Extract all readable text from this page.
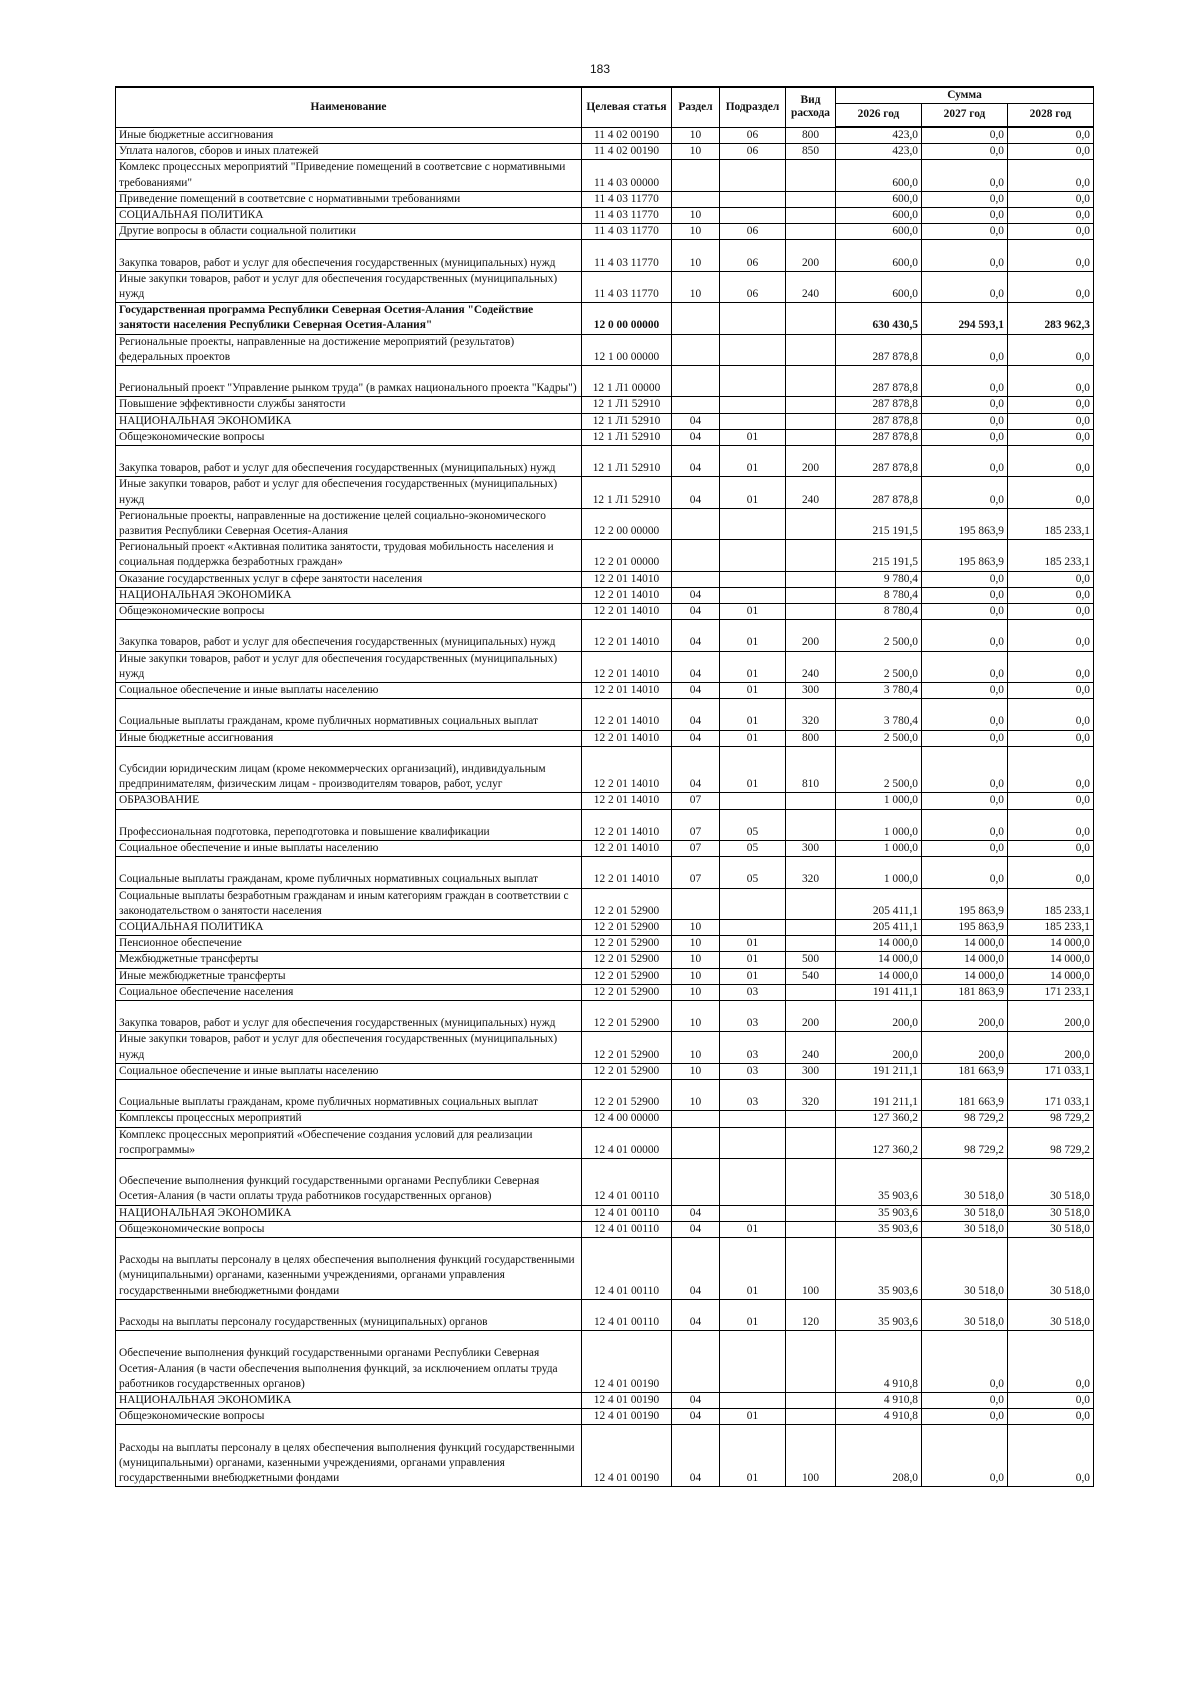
183
Наименование	Целевая статья	Раздел	Подраздел	Вид расхода	Сумма		
					2026 год	2027 год	2028 год
Иные бюджетные ассигнования	11 4 02 00190	10	06	800	423,0	0,0	0,0
Уплата налогов, сборов и иных платежей	11 4 02 00190	10	06	850	423,0	0,0	0,0
Комлекс процессных мероприятий "Приведение помещений в соответсвие с нормативными требованиями"	11 4 03 00000				600,0	0,0	0,0
Приведение помещений в соответсвие с нормативными требованиями	11 4 03 11770				600,0	0,0	0,0
СОЦИАЛЬНАЯ ПОЛИТИКА	11 4 03 11770	10			600,0	0,0	0,0
Другие вопросы в области социальной политики	11 4 03 11770	10	06		600,0	0,0	0,0
Закупка товаров, работ и услуг для обеспечения государственных (муниципальных) нужд	11 4 03 11770	10	06	200	600,0	0,0	0,0
Иные закупки товаров, работ и услуг для обеспечения государственных (муниципальных) нужд	11 4 03 11770	10	06	240	600,0	0,0	0,0
Государственная программа Республики Северная Осетия-Алания "Содействие занятости населения Республики Северная Осетия-Алания"	12 0 00 00000				630 430,5	294 593,1	283 962,3
Региональные проекты, направленные на достижение мероприятий (результатов) федеральных проектов	12 1 00 00000				287 878,8	0,0	0,0
Региональный проект "Управление рынком труда" (в рамках национального проекта "Кадры")	12 1 Л1 00000				287 878,8	0,0	0,0
Повышение эффективности службы занятости	12 1 Л1 52910				287 878,8	0,0	0,0
НАЦИОНАЛЬНАЯ ЭКОНОМИКА	12 1 Л1 52910	04			287 878,8	0,0	0,0
Общеэкономические вопросы	12 1 Л1 52910	04	01		287 878,8	0,0	0,0
Закупка товаров, работ и услуг для обеспечения государственных (муниципальных) нужд	12 1 Л1 52910	04	01	200	287 878,8	0,0	0,0
Иные закупки товаров, работ и услуг для обеспечения государственных (муниципальных) нужд	12 1 Л1 52910	04	01	240	287 878,8	0,0	0,0
Региональные проекты, направленные на достижение целей социально-экономического развития Республики Северная Осетия-Алания	12 2 00 00000				215 191,5	195 863,9	185 233,1
Региональный проект «Активная политика занятости, трудовая мобильность населения и социальная поддержка безработных граждан»	12 2 01 00000				215 191,5	195 863,9	185 233,1
Оказание государственных услуг в сфере занятости населения	12 2 01 14010				9 780,4	0,0	0,0
НАЦИОНАЛЬНАЯ ЭКОНОМИКА	12 2 01 14010	04			8 780,4	0,0	0,0
Общеэкономические вопросы	12 2 01 14010	04	01		8 780,4	0,0	0,0
Закупка товаров, работ и услуг для обеспечения государственных (муниципальных) нужд	12 2 01 14010	04	01	200	2 500,0	0,0	0,0
Иные закупки товаров, работ и услуг для обеспечения государственных (муниципальных) нужд	12 2 01 14010	04	01	240	2 500,0	0,0	0,0
Социальное обеспечение и иные выплаты населению	12 2 01 14010	04	01	300	3 780,4	0,0	0,0
Социальные выплаты гражданам, кроме публичных нормативных социальных выплат	12 2 01 14010	04	01	320	3 780,4	0,0	0,0
Иные бюджетные ассигнования	12 2 01 14010	04	01	800	2 500,0	0,0	0,0
Субсидии юридическим лицам (кроме некоммерческих организаций), индивидуальным предпринимателям, физическим лицам - производителям товаров, работ, услуг	12 2 01 14010	04	01	810	2 500,0	0,0	0,0
ОБРАЗОВАНИЕ	12 2 01 14010	07			1 000,0	0,0	0,0
Профессиональная подготовка, переподготовка и повышение квалификации	12 2 01 14010	07	05		1 000,0	0,0	0,0
Социальное обеспечение и иные выплаты населению	12 2 01 14010	07	05	300	1 000,0	0,0	0,0
Социальные выплаты гражданам, кроме публичных нормативных социальных выплат	12 2 01 14010	07	05	320	1 000,0	0,0	0,0
Социальные выплаты безработным гражданам и иным категориям граждан в соответствии с законодательством о занятости населения	12 2 01 52900				205 411,1	195 863,9	185 233,1
СОЦИАЛЬНАЯ ПОЛИТИКА	12 2 01 52900	10			205 411,1	195 863,9	185 233,1
Пенсионное обеспечение	12 2 01 52900	10	01		14 000,0	14 000,0	14 000,0
Межбюджетные трансферты	12 2 01 52900	10	01	500	14 000,0	14 000,0	14 000,0
Иные межбюджетные трансферты	12 2 01 52900	10	01	540	14 000,0	14 000,0	14 000,0
Социальное обеспечение населения	12 2 01 52900	10	03		191 411,1	181 863,9	171 233,1
Закупка товаров, работ и услуг для обеспечения государственных (муниципальных) нужд	12 2 01 52900	10	03	200	200,0	200,0	200,0
Иные закупки товаров, работ и услуг для обеспечения государственных (муниципальных) нужд	12 2 01 52900	10	03	240	200,0	200,0	200,0
Социальное обеспечение и иные выплаты населению	12 2 01 52900	10	03	300	191 211,1	181 663,9	171 033,1
Социальные выплаты гражданам, кроме публичных нормативных социальных выплат	12 2 01 52900	10	03	320	191 211,1	181 663,9	171 033,1
Комплексы процессных мероприятий	12 4 00 00000				127 360,2	98 729,2	98 729,2
Комплекс процессных мероприятий «Обеспечение создания условий для реализации госпрограммы»	12 4 01 00000				127 360,2	98 729,2	98 729,2
Обеспечение выполнения функций государственными органами Республики Северная Осетия-Алания (в части оплаты труда работников государственных органов)	12 4 01 00110				35 903,6	30 518,0	30 518,0
НАЦИОНАЛЬНАЯ ЭКОНОМИКА	12 4 01 00110	04			35 903,6	30 518,0	30 518,0
Общеэкономические вопросы	12 4 01 00110	04	01		35 903,6	30 518,0	30 518,0
Расходы на выплаты персоналу в целях обеспечения выполнения функций государственными (муниципальными) органами, казенными учреждениями, органами управления государственными внебюджетными фондами	12 4 01 00110	04	01	100	35 903,6	30 518,0	30 518,0
Расходы на выплаты персоналу государственных (муниципальных) органов	12 4 01 00110	04	01	120	35 903,6	30 518,0	30 518,0
Обеспечение выполнения функций государственными органами Республики Северная Осетия-Алания (в части обеспечения выполнения функций, за исключением оплаты труда работников государственных органов)	12 4 01 00190				4 910,8	0,0	0,0
НАЦИОНАЛЬНАЯ ЭКОНОМИКА	12 4 01 00190	04			4 910,8	0,0	0,0
Общеэкономические вопросы	12 4 01 00190	04	01		4 910,8	0,0	0,0
Расходы на выплаты персоналу в целях обеспечения выполнения функций государственными (муниципальными) органами, казенными учреждениями, органами управления государственными внебюджетными фондами	12 4 01 00190	04	01	100	208,0	0,0	0,0
